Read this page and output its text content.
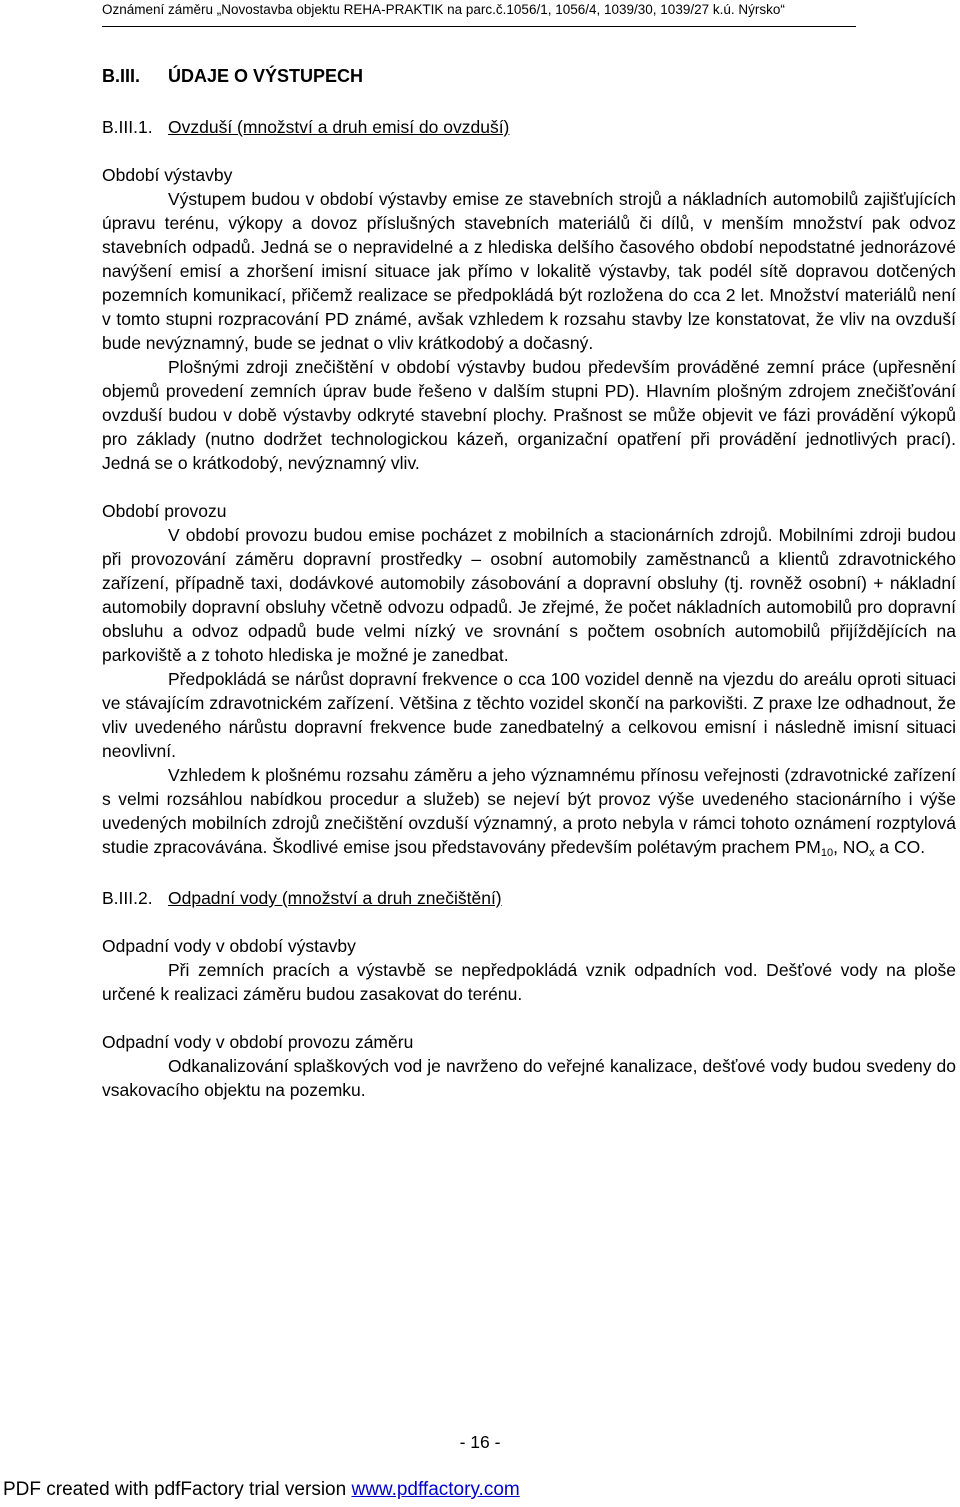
Oznámení záměru „Novostavba objektu REHA-PRAKTIK na parc.č.1056/1, 1056/4, 1039/30, 1039/27 k.ú. Nýrsko“
B.III. ÚDAJE O VÝSTUPECH
B.III.1. Ovzduší (množství a druh emisí do ovzduší)
Období výstavby

Výstupem budou v období výstavby emise ze stavebních strojů a nákladních automobilů zajišťujících úpravu terénu, výkopy a dovoz příslušných stavebních materiálů či dílů, v menším množství pak odvoz stavebních odpadů. Jedná se o nepravidelné a z hlediska delšího časového období nepodstatné jednorázové navýšení emisí a zhoršení imisní situace jak přímo v lokalitě výstavby, tak podél sítě dopravou dotčených pozemních komunikací, přičemž realizace se předpokládá být rozložena do cca 2 let. Množství materiálů není v tomto stupni rozpracování PD známé, avšak vzhledem k rozsahu stavby lze konstatovat, že vliv na ovzduší bude nevýznamný, bude se jednat o vliv krátkodobý a dočasný.

Plošnými zdroji znečištění v období výstavby budou především prováděné zemní práce (upřesnění objemů provedení zemních úprav bude řešeno v dalším stupni PD). Hlavním plošným zdrojem znečišťování ovzduší budou v době výstavby odkryté stavební plochy. Prašnost se může objevit ve fázi provádění výkopů pro základy (nutno dodržet technologickou kázeň, organizační opatření při provádění jednotlivých prací). Jedná se o krátkodobý, nevýznamný vliv.

Období provozu

V období provozu budou emise pocházet z mobilních a stacionárních zdrojů. Mobilními zdroji budou při provozování záměru dopravní prostředky – osobní automobily zaměstnanců a klientů zdravotnického zařízení, případně taxi, dodávkové automobily zásobování a dopravní obsluhy (tj. rovněž osobní) + nákladní automobily dopravní obsluhy včetně odvozu odpadů. Je zřejmé, že počet nákladních automobilů pro dopravní obsluhu a odvoz odpadů bude velmi nízký ve srovnání s počtem osobních automobilů přijíždějících na parkoviště a z tohoto hlediska je možné je zanedbat.

Předpokládá se nárůst dopravní frekvence o cca 100 vozidel denně na vjezdu do areálu oproti situaci ve stávajícím zdravotnickém zařízení. Většina z těchto vozidel skončí na parkovišti. Z praxe lze odhadnout, že vliv uvedeného nárůstu dopravní frekvence bude zanedbatelný a celkovou emisní i následně imisní situaci neovlivní.

Vzhledem k plošnému rozsahu záměru a jeho významnému přínosu veřejnosti (zdravotnické zařízení s velmi rozsáhlou nabídkou procedur a služeb) se nejeví být provoz výše uvedeného stacionárního i výše uvedených mobilních zdrojů znečištění ovzduší významný, a proto nebyla v rámci tohoto oznámení rozptylová studie zpracovávána. Škodlivé emise jsou představovány především polétavým prachem $PM_{10}$, $NO_x$ a CO.

B.III.2. Odpadní vody (množství a druh znečištění)
Odpadní vody v období výstavby

Při zemních pracích a výstavbě se nepředpokládá vznik odpadních vod. Dešťové vody na ploše určené k realizaci záměru budou zasakovat do terénu.

Odpadní vody v období provozu záměru

Odkanalizování splaškových vod je navrženo do veřejné kanalizace, dešťové vody budou svedeny do vsakovacího objektu na pozemku.

- 16 -
PDF created with pdfFactory trial version www.pdffactory.com
